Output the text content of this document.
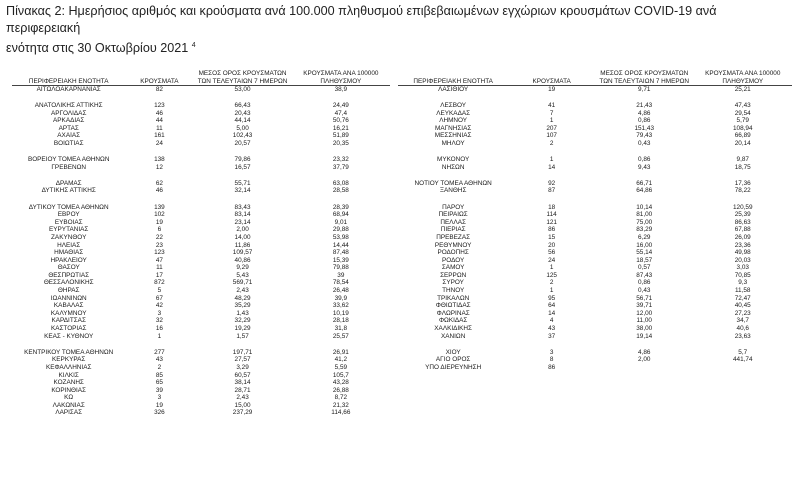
Πίνακας 2: Ημερήσιος αριθμός και κρούσματα ανά 100.000 πληθυσμού επιβεβαιωμένων εγχώριων κρουσμάτων COVID-19 ανά περιφερειακή
ενότητα στις 30 Οκτωβρίου 2021 $^4$
ΠΕΡΙΦΕΡΕΙΑΚΗ ΕΝΟΤΗΤΑ	ΚΡΟΥΣΜΑΤΑ	ΜΕΣΟΣ ΟΡΟΣ ΚΡΟΥΣΜΑΤΩΝ
ΤΩΝ ΤΕΛΕΥΤΑΙΩΝ 7 ΗΜΕΡΩΝ	ΚΡΟΥΣΜΑΤΑ ΑΝΑ 100000
ΠΛΗΘΥΣΜΟΥ
ΑΙΤΩΛΟΑΚΑΡΝΑΝΙΑΣ	82	53,00	38,9

ΑΝΑΤΟΛΙΚΗΣ ΑΤΤΙΚΗΣ	123	66,43	24,49
ΑΡΓΟΛΙΔΑΣ	46	20,43	47,4
ΑΡΚΑΔΙΑΣ	44	44,14	50,76
ΑΡΤΑΣ	11	5,00	16,21
ΑΧΑΪΑΣ	161	102,43	51,89
ΒΟΙΩΤΙΑΣ	24	20,57	20,35

ΒΟΡΕΙΟΥ ΤΟΜΕΑ ΑΘΗΝΩΝ	138	79,86	23,32
ΓΡΕΒΕΝΩΝ	12	16,57	37,79

ΔΡΑΜΑΣ	62	55,71	63,08
ΔΥΤΙΚΗΣ ΑΤΤΙΚΗΣ	46	32,14	28,58

ΔΥΤΙΚΟΥ ΤΟΜΕΑ ΑΘΗΝΩΝ	139	83,43	28,39
ΕΒΡΟΥ	102	83,14	68,94
ΕΥΒΟΙΑΣ	19	23,14	9,01
ΕΥΡΥΤΑΝΙΑΣ	6	2,00	29,88
ΖΑΚΥΝΘΟΥ	22	14,00	53,98
ΗΛΕΙΑΣ	23	11,86	14,44
ΗΜΑΘΙΑΣ	123	109,57	87,48
ΗΡΑΚΛΕΙΟΥ	47	40,86	15,39
ΘΑΣΟΥ	11	9,29	79,88
ΘΕΣΠΡΩΤΙΑΣ	17	5,43	39
ΘΕΣΣΑΛΟΝΙΚΗΣ	872	569,71	78,54
ΘΗΡΑΣ	5	2,43	26,48
ΙΩΑΝΝΙΝΩΝ	67	48,29	39,9
ΚΑΒΑΛΑΣ	42	35,29	33,62
ΚΑΛΥΜΝΟΥ	3	1,43	10,19
ΚΑΡΔΙΤΣΑΣ	32	32,29	28,18
ΚΑΣΤΟΡΙΑΣ	16	19,29	31,8
ΚΕΑΣ - ΚΥΘΝΟΥ	1	1,57	25,57

ΚΕΝΤΡΙΚΟΥ ΤΟΜΕΑ ΑΘΗΝΩΝ	277	197,71	26,91
ΚΕΡΚΥΡΑΣ	43	27,57	41,2
ΚΕΦΑΛΛΗΝΙΑΣ	2	3,29	5,59
ΚΙΛΚΙΣ	85	60,57	105,7
ΚΟΖΑΝΗΣ	65	38,14	43,28
ΚΟΡΙΝΘΙΑΣ	39	28,71	26,88
ΚΩ	3	2,43	8,72
ΛΑΚΩΝΙΑΣ	19	15,00	21,32
ΛΑΡΙΣΑΣ	326	237,29	114,66
ΠΕΡΙΦΕΡΕΙΑΚΗ ΕΝΟΤΗΤΑ	ΚΡΟΥΣΜΑΤΑ	ΜΕΣΟΣ ΟΡΟΣ ΚΡΟΥΣΜΑΤΩΝ
ΤΩΝ ΤΕΛΕΥΤΑΙΩΝ 7 ΗΜΕΡΩΝ	ΚΡΟΥΣΜΑΤΑ ΑΝΑ 100000
ΠΛΗΘΥΣΜΟΥ
ΛΑΣΙΘΙΟΥ	19	9,71	25,21

ΛΕΣΒΟΥ	41	21,43	47,43
ΛΕΥΚΑΔΑΣ	7	4,86	29,54
ΛΗΜΝΟΥ	1	0,86	5,79
ΜΑΓΝΗΣΙΑΣ	207	151,43	108,94
ΜΕΣΣΗΝΙΑΣ	107	79,43	66,89
ΜΗΛΟΥ	2	0,43	20,14

ΜΥΚΟΝΟΥ	1	0,86	9,87
ΝΗΣΩΝ	14	9,43	18,75

ΝΟΤΙΟΥ ΤΟΜΕΑ ΑΘΗΝΩΝ	92	66,71	17,36
ΞΑΝΘΗΣ	87	64,86	78,22

ΠΑΡΟΥ	18	10,14	120,59
ΠΕΙΡΑΙΩΣ	114	81,00	25,39
ΠΕΛΛΑΣ	121	75,00	86,63
ΠΙΕΡΙΑΣ	86	83,29	67,88
ΠΡΕΒΕΖΑΣ	15	6,29	26,09
ΡΕΘΥΜΝΟΥ	20	16,00	23,36
ΡΟΔΟΠΗΣ	56	55,14	49,98
ΡΟΔΟΥ	24	18,57	20,03
ΣΑΜΟΥ	1	0,57	3,03
ΣΕΡΡΩΝ	125	87,43	70,85
ΣΥΡΟΥ	2	0,86	9,3
ΤΗΝΟΥ	1	0,43	11,58
ΤΡΙΚΑΛΩΝ	95	56,71	72,47
ΦΘΙΩΤΙΔΑΣ	64	39,71	40,45
ΦΛΩΡΙΝΑΣ	14	12,00	27,23
ΦΩΚΙΔΑΣ	4	11,00	34,7
ΧΑΛΚΙΔΙΚΗΣ	43	38,00	40,6
ΧΑΝΙΩΝ	37	19,14	23,63

ΧΙΟΥ	3	4,86	5,7
ΑΓΙΟ ΟΡΟΣ	8	2,00	441,74
ΥΠΟ ΔΙΕΡΕΥΝΗΣΗ	86		
